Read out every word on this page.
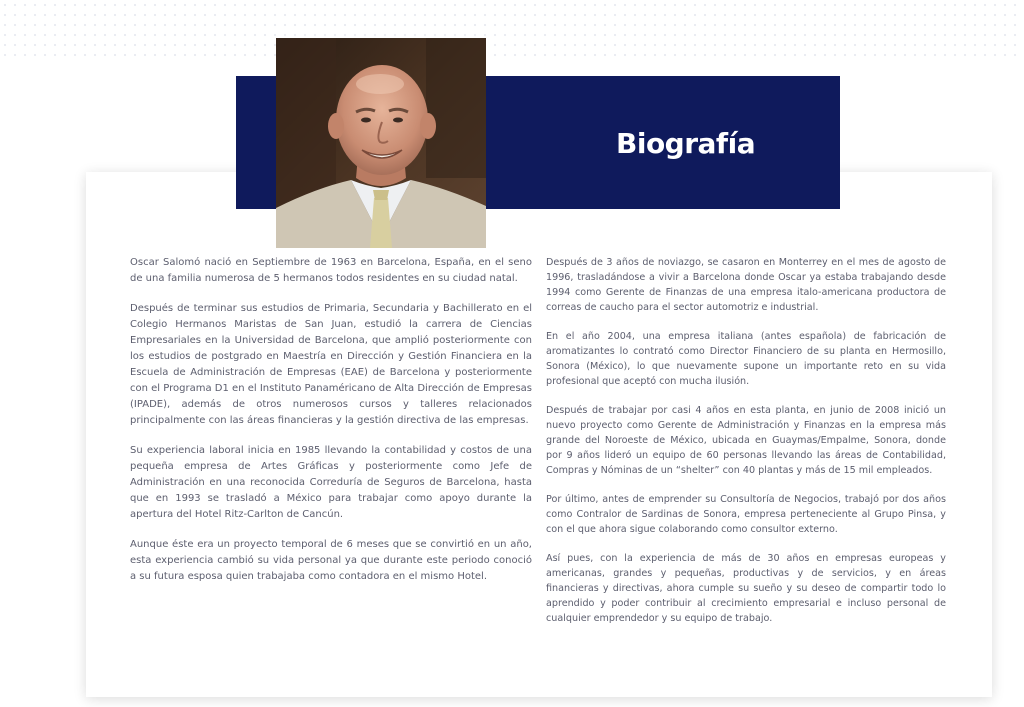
Biografía

Oscar Salomó nació en Septiembre de 1963 en Barcelona, España, en el seno de una familia numerosa de 5 hermanos todos residentes en su ciudad natal.

Después de terminar sus estudios de Primaria, Secundaria y Bachillerato en el Colegio Hermanos Maristas de San Juan, estudió la carrera de Ciencias Empresariales en la Universidad de Barcelona, que amplió posteriormente con los estudios de postgrado en Maestría en Dirección y Gestión Financiera en la Escuela de Administración de Empresas (EAE) de Barcelona y posteriormente con el Programa D1 en el Instituto Panaméricano de Alta Dirección de Empresas (IPADE), además de otros numerosos cursos y talleres relacionados principalmente con las áreas financieras y la gestión directiva de las empresas.

Su experiencia laboral inicia en 1985 llevando la contabilidad y costos de una pequeña empresa de Artes Gráficas y posteriormente como Jefe de Administración en una reconocida Correduría de Seguros de Barcelona, hasta que en 1993 se trasladó a México para trabajar como apoyo durante la apertura del Hotel Ritz-Carlton de Cancún.

Aunque éste era un proyecto temporal de 6 meses que se convirtió en un año, esta experiencia cambió su vida personal ya que durante este periodo conoció a su futura esposa quien trabajaba como contadora en el mismo Hotel.

Después de 3 años de noviazgo, se casaron en Monterrey en el mes de agosto de 1996, trasladándose a vivir a Barcelona donde Oscar ya estaba trabajando desde 1994 como Gerente de Finanzas de una empresa italo-americana productora de correas de caucho para el sector automotriz e industrial.

En el año 2004, una empresa italiana (antes española) de fabricación de aromatizantes lo contrató como Director Financiero de su planta en Hermosillo, Sonora (México), lo que nuevamente supone un importante reto en su vida profesional que aceptó con mucha ilusión.

Después de trabajar por casi 4 años en esta planta, en junio de 2008 inició un nuevo proyecto como Gerente de Administración y Finanzas en la empresa más grande del Noroeste de México, ubicada en Guaymas/Empalme, Sonora, donde por 9 años lideró un equipo de 60 personas llevando las áreas de Contabilidad, Compras y Nóminas de un “shelter” con 40 plantas y más de 15 mil empleados.

Por último, antes de emprender su Consultoría de Negocios, trabajó por dos años como Contralor de Sardinas de Sonora, empresa perteneciente al Grupo Pinsa, y con el que ahora sigue colaborando como consultor externo.

Así pues, con la experiencia de más de 30 años en empresas europeas y americanas, grandes y pequeñas, productivas y de servicios, y en áreas financieras y directivas, ahora cumple su sueño y su deseo de compartir todo lo aprendido y poder contribuir al crecimiento empresarial e incluso personal de cualquier emprendedor y su equipo de trabajo.
